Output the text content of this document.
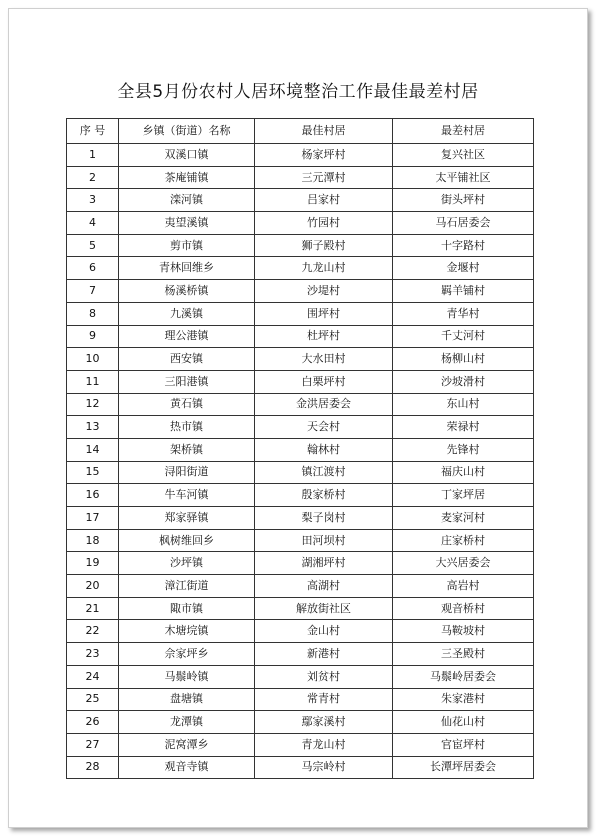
全县5月份农村人居环境整治工作最佳最差村居
序 号	乡镇（街道）名称	最佳村居	最差村居
1	双溪口镇	杨家坪村	复兴社区
2	茶庵铺镇	三元潭村	太平铺社区
3	滦河镇	吕家村	街头坪村
4	夷望溪镇	竹园村	马石居委会
5	剪市镇	狮子殿村	十字路村
6	青林回维乡	九龙山村	金堰村
7	杨溪桥镇	沙堤村	羁羊铺村
8	九溪镇	围坪村	青华村
9	理公港镇	杜坪村	千丈河村
10	西安镇	大水田村	杨柳山村
11	三阳港镇	白栗坪村	沙坡滑村
12	黄石镇	金洪居委会	东山村
13	热市镇	天会村	荣禄村
14	架桥镇	翰林村	先锋村
15	浔阳街道	镇江渡村	福庆山村
16	牛车河镇	殷家桥村	丁家坪居
17	郑家驿镇	梨子岗村	麦家河村
18	枫树维回乡	田河坝村	庄家桥村
19	沙坪镇	湖湘坪村	大兴居委会
20	漳江街道	高湖村	高岩村
21	陬市镇	解放街社区	观音桥村
22	木塘垸镇	金山村	马鞍坡村
23	佘家坪乡	新港村	三圣殿村
24	马鬃岭镇	刘贫村	马鬃岭居委会
25	盘塘镇	常青村	朱家港村
26	龙潭镇	鄢家溪村	仙花山村
27	泥窝潭乡	青龙山村	官宦坪村
28	观音寺镇	马宗岭村	长潭坪居委会
